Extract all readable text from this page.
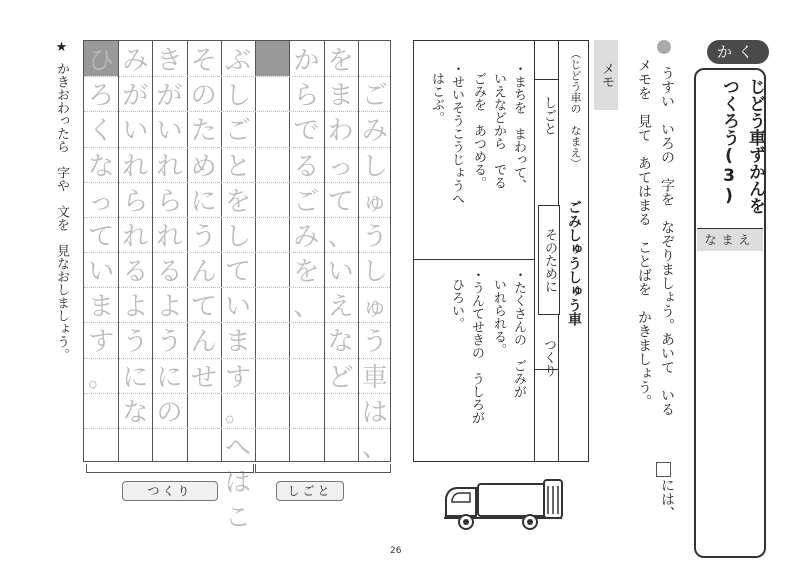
かく
じどう車ずかんを
つくろう(3)
なまえ
うすい　いろの　字を　なぞりましょう。あいて　いる
メモを　見て　あてはまる　ことばを　かきましょう。
には、
メモ
（じどう車の　なまえ）
ごみしゅうしゅう車
しごと
そのために
つくり
・まちを　まわって、
いえなどから　でる
ごみを　あつめる。
・せいそうこうじょうへ
はこぶ。
・たくさんの　ごみが
いれられる。
・うんてせきの　うしろが
ひろい。
ご
み
し
ゅ
う
し
ゅ
う
車
は
、
を
ま
わ
っ
て
、
い
え
な
ど
か
ら
で
る
ご
み
を
、
ぶ
し
ご
と
を
し
て
い
ま
す
。
へ
は
こ
そ
の
た
め
に
う
ん
て
ん
せ
き
が
い
れ
ら
れ
る
よ
う
に
の
み
が
い
れ
ら
れ
る
よ
う
に
な
ひ
ろ
く
な
っ
て
い
ま
す
。
つくり	しごと
★
かきおわったら　字や　文を　見なおしましょう。
26
